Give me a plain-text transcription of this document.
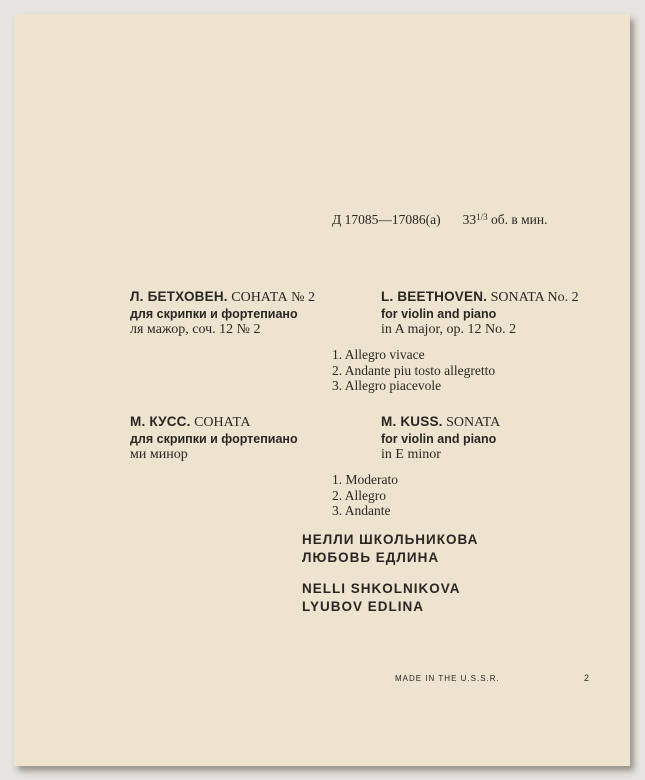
Д 17085—17086(а) $33^{1/3}$ об. в мин.
Л. БЕТХОВЕН. СОНАТА № 2
для скрипки и фортепиано
ля мажор, соч. 12 № 2
L. BEETHOVEN. SONATA No. 2
for violin and piano
in A major, op. 12 No. 2
1. Allegro vivace
2. Andante piu tosto allegretto
3. Allegro piacevole
М. КУСС. СОНАТА
для скрипки и фортепиано
ми минор
M. KUSS. SONATA
for violin and piano
in E minor
1. Moderato
2. Allegro
3. Andante
НЕЛЛИ ШКОЛЬНИКОВА
ЛЮБОВЬ ЕДЛИНА
NELLI SHKOLNIKOVA
LYUBOV EDLINA
MADE IN THE U.S.S.R.	2
